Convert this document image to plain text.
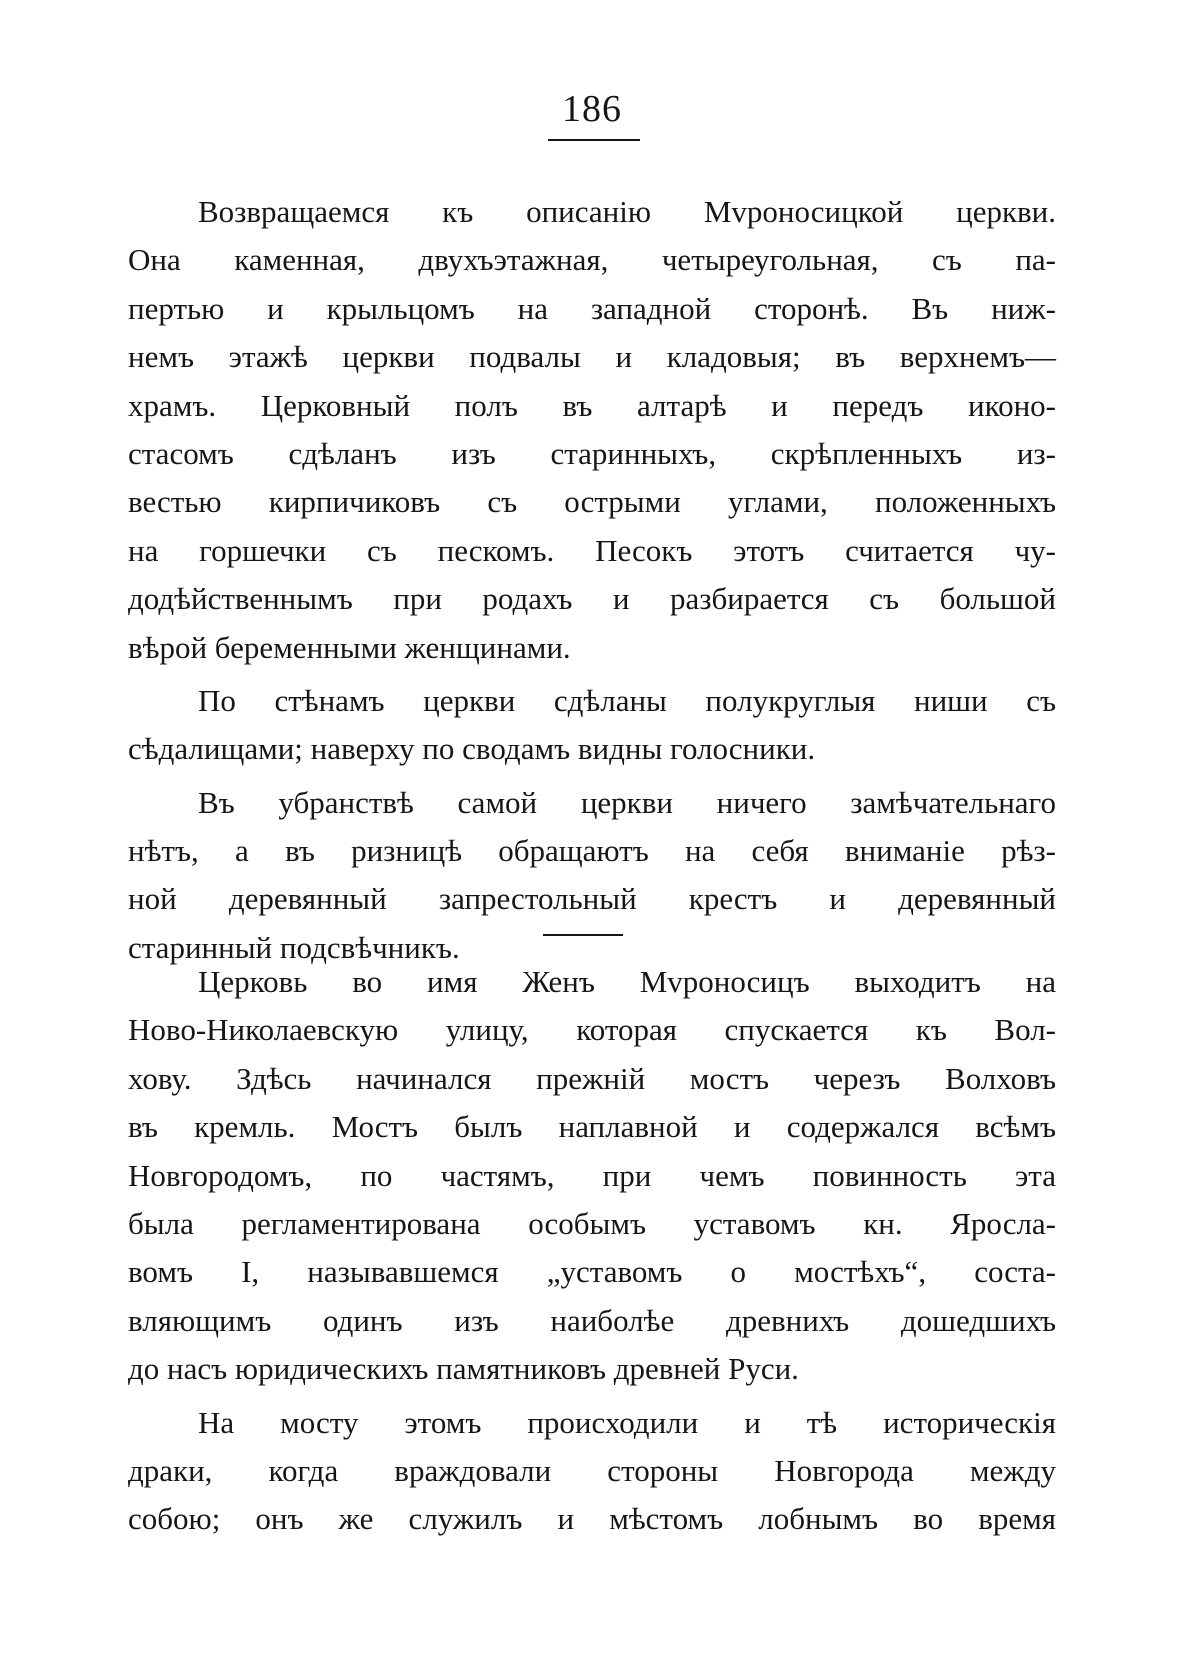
186
Возвращаемся къ описанію Мvроносицкой церкви.
Она каменная, двухъэтажная, четыреугольная, съ па-
пертью и крыльцомъ на западной сторонѣ. Въ ниж-
немъ этажѣ церкви подвалы и кладовыя; въ верхнемъ—
храмъ. Церковный полъ въ алтарѣ и передъ иконо-
стасомъ сдѣланъ изъ старинныхъ, скрѣпленныхъ из-
вестью кирпичиковъ съ острыми углами, положенныхъ
на горшечки съ пескомъ. Песокъ этотъ считается чу-
додѣйственнымъ при родахъ и разбирается съ большой
вѣрой беременными женщинами.
По стѣнамъ церкви сдѣланы полукруглыя ниши съ
сѣдалищами; наверху по сводамъ видны голосники.
Въ убранствѣ самой церкви ничего замѣчательнаго
нѣтъ, а въ ризницѣ обращаютъ на себя вниманіе рѣз-
ной деревянный запрестольный крестъ и деревянный
старинный подсвѣчникъ.
Церковь во имя Женъ Мvроносицъ выходитъ на
Ново-Николаевскую улицу, которая спускается къ Вол-
хову. Здѣсь начинался прежній мостъ черезъ Волховъ
въ кремль. Мостъ былъ наплавной и содержался всѣмъ
Новгородомъ, по частямъ, при чемъ повинность эта
была регламентирована особымъ уставомъ кн. Яросла-
вомъ I, называвшемся „уставомъ о мостѣхъ“, соста-
вляющимъ одинъ изъ наиболѣе древнихъ дошедшихъ
до насъ юридическихъ памятниковъ древней Руси.
На мосту этомъ происходили и тѣ историческія
драки, когда враждовали стороны Новгорода между
собою; онъ же служилъ и мѣстомъ лобнымъ во время
